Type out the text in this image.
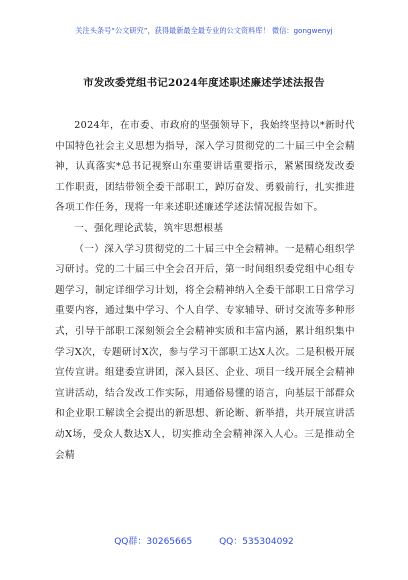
关注头条号“公文研究”，获得最新最全最专业的公文资料库！ 微信：gongwenyj
市发改委党组书记2024年度述职述廉述学述法报告

2024年，在市委、市政府的坚强领导下，我始终坚持以*新时代中国特色社会主义思想为指导，深入学习贯彻党的二十届三中全会精神，认真落实*总书记视察山东重要讲话重要指示，紧紧围绕发改委工作职责，团结带领全委干部职工，踔厉奋发、勇毅前行，扎实推进各项工作任务，现将一年来述职述廉述学述法情况报告如下。

一、强化理论武装，筑牢思想根基

（一）深入学习贯彻党的二十届三中全会精神。一是精心组织学习研讨。党的二十届三中全会召开后，第一时间组织委党组中心组专题学习，制定详细学习计划，将全会精神纳入全委干部职工日常学习重要内容，通过集中学习、个人自学、专家辅导、研讨交流等多种形式，引导干部职工深刻领会全会精神实质和丰富内涵，累计组织集中学习X次，专题研讨X次，参与学习干部职工达X人次。二是积极开展宣传宣讲。组建委宣讲团，深入县区、企业、项目一线开展全会精神宣讲活动，结合发改工作实际，用通俗易懂的语言，向基层干部群众和企业职工解读全会提出的新思想、新论断、新举措，共开展宣讲活动X场，受众人数达X人，切实推动全会精神深入人心。三是推动全会精

QQ群：30265665	QQ：535304092
